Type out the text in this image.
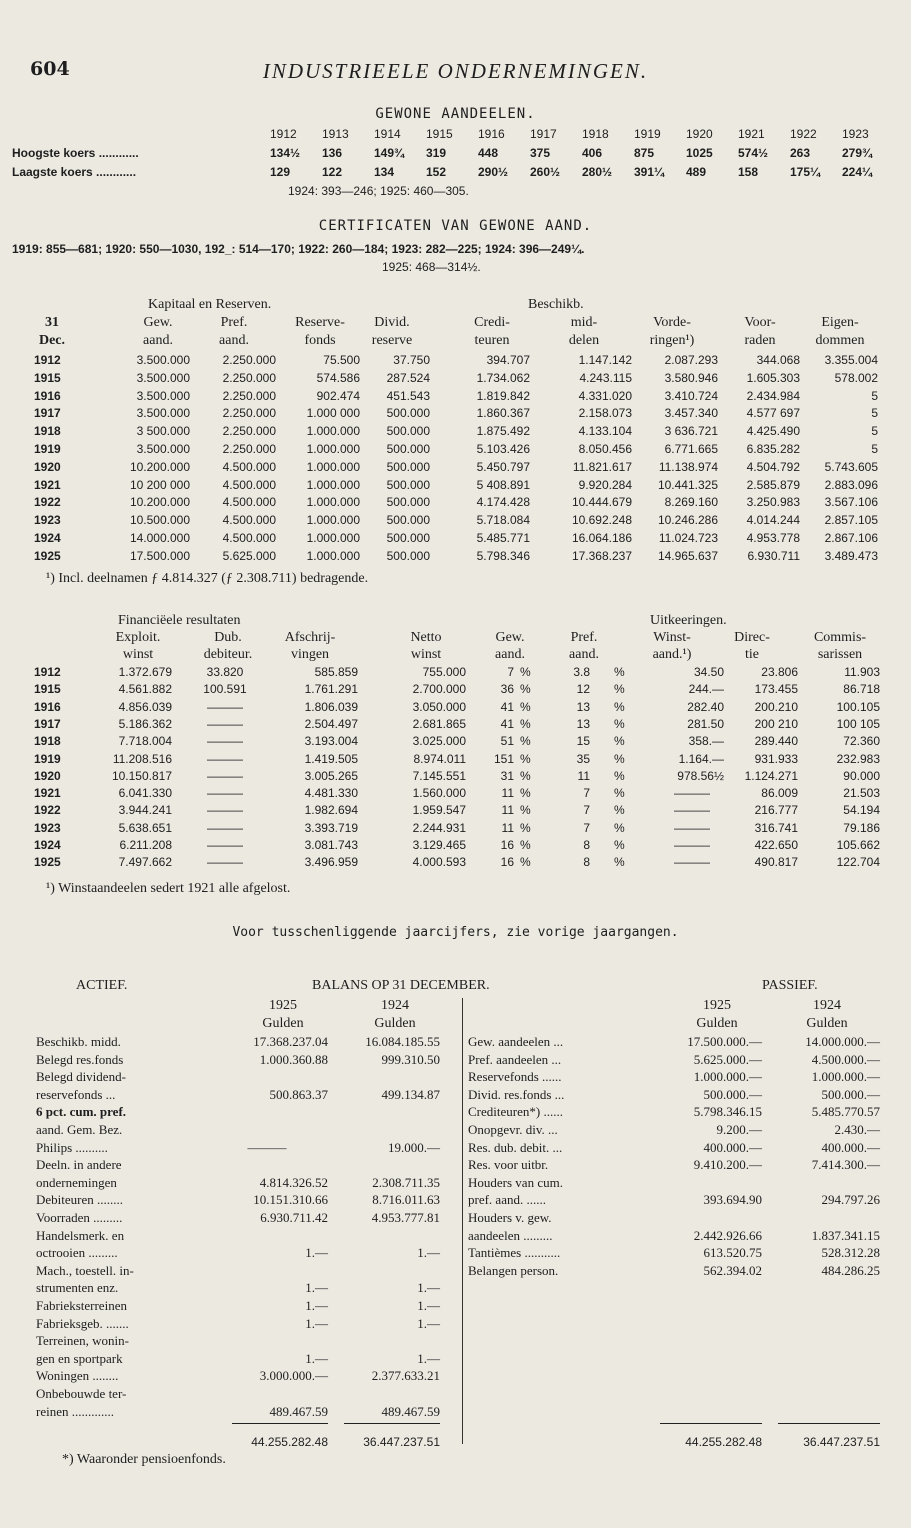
604	INDUSTRIEELE ONDERNEMINGEN.
GEWONE AANDEELEN.
1912	1913	1914	1915	1916	1917	1918	1919	1920	1921	1922	1923
Hoogste koers ............	134½	136	149¾	319	448	375	406	875	1025	574½	263	279¾
Laagste koers ............	129	122	134	152	290½	260½	280½	391¼	489	158	175¼	224¼
1924: 393—246; 1925: 460—305.
CERTIFICATEN VAN GEWONE AAND.
1919: 855—681; 1920: 550—1030, 192_: 514—170; 1922: 260—184; 1923: 282—225; 1924: 396—249¼.
1925: 468—314½.
Kapitaal en Reserven.	Beschikb.
31	Gew.	Pref.	Reserve-	Divid.	Credi-	mid-	Vorde-	Voor-	Eigen-
Dec.	aand.	aand.	fonds	reserve	teuren	delen	ringen¹)	raden	dommen
1912	3.500.000	2.250.000	75.500	37.750	394.707	1.147.142	2.087.293	344.068	3.355.004
1915	3.500.000	2.250.000	574.586	287.524	1.734.062	4.243.115	3.580.946	1.605.303	578.002
1916	3.500.000	2.250.000	902.474	451.543	1.819.842	4.331.020	3.410.724	2.434.984	5
1917	3.500.000	2.250.000	1.000 000	500.000	1.860.367	2.158.073	3.457.340	4.577 697	5
1918	3 500.000	2.250.000	1.000.000	500.000	1.875.492	4.133.104	3 636.721	4.425.490	5
1919	3.500.000	2.250.000	1.000.000	500.000	5.103.426	8.050.456	6.771.665	6.835.282	5
1920	10.200.000	4.500.000	1.000.000	500.000	5.450.797	11.821.617	11.138.974	4.504.792	5.743.605
1921	10 200 000	4.500.000	1.000.000	500.000	5 408.891	9.920.284	10.441.325	2.585.879	2.883.096
1922	10.200.000	4.500.000	1.000.000	500.000	4.174.428	10.444.679	8.269.160	3.250.983	3.567.106
1923	10.500.000	4.500.000	1.000.000	500.000	5.718.084	10.692.248	10.246.286	4.014.244	2.857.105
1924	14.000.000	4.500.000	1.000.000	500.000	5.485.771	16.064.186	11.024.723	4.953.778	2.867.106
1925	17.500.000	5.625.000	1.000.000	500.000	5.798.346	17.368.237	14.965.637	6.930.711	3.489.473
¹) Incl. deelnamen ƒ 4.814.327 (ƒ 2.308.711) bedragende.
Financiëele resultaten	Uitkeeringen.
Exploit.	Dub.	Afschrij-	Netto	Gew.	Pref.	Winst-	Direc-	Commis-
winst	debiteur.	vingen	winst	aand.	aand.	aand.¹)	tie	sarissen
1912	1.372.679	33.820	585.859	755.000	7 %	3.8 %	34.50	23.806	11.903
1915	4.561.882	100.591	1.761.291	2.700.000	36 %	12 %	244.—	173.455	86.718
1916	4.856.039	———	1.806.039	3.050.000	41 %	13 %	282.40	200.210	100.105
1917	5.186.362	———	2.504.497	2.681.865	41 %	13 %	281.50	200 210	100 105
1918	7.718.004	———	3.193.004	3.025.000	51 %	15 %	358.—	289.440	72.360
1919	11.208.516	———	1.419.505	8.974.011	151 %	35 %	1.164.—	931.933	232.983
1920	10.150.817	———	3.005.265	7.145.551	31 %	11 %	978.56½	1.124.271	90.000
1921	6.041.330	———	4.481.330	1.560.000	11 %	7 %	———	86.009	21.503
1922	3.944.241	———	1.982.694	1.959.547	11 %	7 %	———	216.777	54.194
1923	5.638.651	———	3.393.719	2.244.931	11 %	7 %	———	316.741	79.186
1924	6.211.208	———	3.081.743	3.129.465	16 %	8 %	———	422.650	105.662
1925	7.497.662	———	3.496.959	4.000.593	16 %	8 %	———	490.817	122.704
¹) Winstaandeelen sedert 1921 alle afgelost.
Voor tusschenliggende jaarcijfers, zie vorige jaargangen.
ACTIEF.	BALANS OP 31 DECEMBER.	PASSIEF.
1925	1924	1925	1924
Gulden	Gulden	Gulden	Gulden
Beschikb. midd.	17.368.237.04	16.084.185.55
Belegd res.fonds	1.000.360.88	999.310.50
Belegd dividend-
reservefonds ...	500.863.37	499.134.87
6 pct. cum. pref.
aand. Gem. Bez.
Philips ..........	———	19.000.—
Deeln. in andere
ondernemingen	4.814.326.52	2.308.711.35
Debiteuren ........	10.151.310.66	8.716.011.63
Voorraden .........	6.930.711.42	4.953.777.81
Handelsmerk. en
octrooien .........	1.—	1.—
Mach., toestell. in-
strumenten enz.	1.—	1.—
Fabrieksterreinen	1.—	1.—
Fabrieksgeb. .......	1.—	1.—
Terreinen, wonin-
gen en sportpark	1.—	1.—
Woningen ........	3.000.000.—	2.377.633.21
Onbebouwde ter-
reinen .............	489.467.59	489.467.59
Gew. aandeelen ...	17.500.000.—	14.000.000.—
Pref. aandeelen ...	5.625.000.—	4.500.000.—
Reservefonds ......	1.000.000.—	1.000.000.—
Divid. res.fonds ...	500.000.—	500.000.—
Crediteuren*) ......	5.798.346.15	5.485.770.57
Onopgevr. div. ...	9.200.—	2.430.—
Res. dub. debit. ...	400.000.—	400.000.—
Res. voor uitbr.	9.410.200.—	7.414.300.—
Houders van cum.
pref. aand. ......	393.694.90	294.797.26
Houders v. gew.
aandeelen .........	2.442.926.66	1.837.341.15
Tantièmes ...........	613.520.75	528.312.28
Belangen person.	562.394.02	484.286.25
44.255.282.48	36.447.237.51	44.255.282.48	36.447.237.51
*) Waaronder pensioenfonds.
